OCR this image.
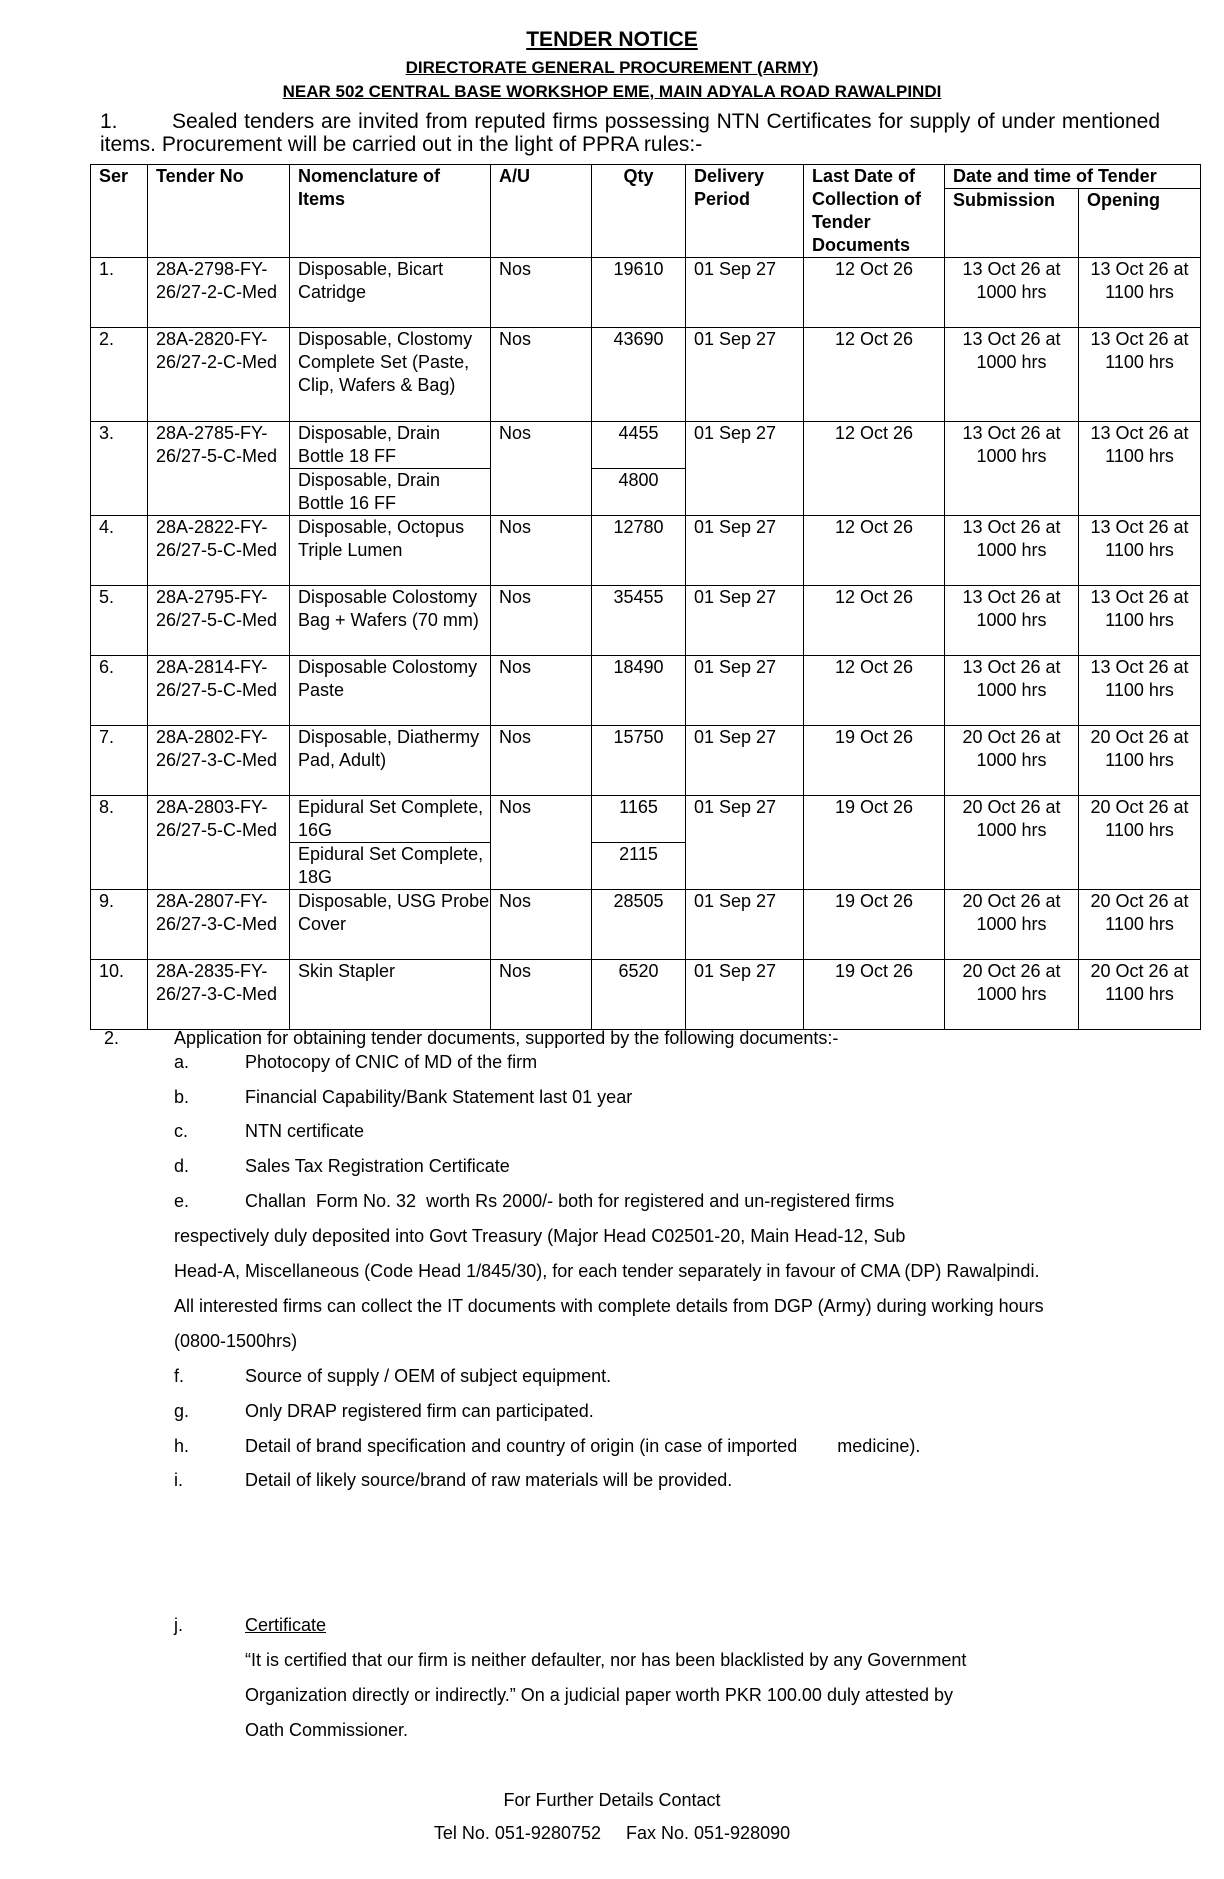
TENDER NOTICE
DIRECTORATE GENERAL PROCUREMENT (ARMY)
NEAR 502 CENTRAL BASE WORKSHOP EME, MAIN ADYALA ROAD RAWALPINDI
1.	Sealed tenders are invited from reputed firms possessing NTN Certificates for supply of under mentioned items. Procurement will be carried out in the light of PPRA rules:-
Ser	Tender No	Nomenclature of Items	A/U	Qty	Delivery Period	Last Date of Collection of Tender Documents	Date and time of Tender	
							Submission	Opening
1.	28A-2798-FY-26/27-2-C-Med	Disposable, Bicart Catridge	Nos	19610	01 Sep 27	12 Oct 26	13 Oct 26 at 1000 hrs	13 Oct 26 at 1100 hrs
2.	28A-2820-FY-26/27-2-C-Med	Disposable, Clostomy Complete Set (Paste, Clip, Wafers & Bag)	Nos	43690	01 Sep 27	12 Oct 26	13 Oct 26 at 1000 hrs	13 Oct 26 at 1100 hrs
3.	28A-2785-FY-26/27-5-C-Med	Disposable, Drain Bottle 18 FF	Nos	4455	01 Sep 27	12 Oct 26	13 Oct 26 at 1000 hrs	13 Oct 26 at 1100 hrs
		Disposable, Drain Bottle 16 FF		4800				
4.	28A-2822-FY-26/27-5-C-Med	Disposable, Octopus Triple Lumen	Nos	12780	01 Sep 27	12 Oct 26	13 Oct 26 at 1000 hrs	13 Oct 26 at 1100 hrs
5.	28A-2795-FY-26/27-5-C-Med	Disposable Colostomy Bag + Wafers (70 mm)	Nos	35455	01 Sep 27	12 Oct 26	13 Oct 26 at 1000 hrs	13 Oct 26 at 1100 hrs
6.	28A-2814-FY-26/27-5-C-Med	Disposable Colostomy Paste	Nos	18490	01 Sep 27	12 Oct 26	13 Oct 26 at 1000 hrs	13 Oct 26 at 1100 hrs
7.	28A-2802-FY-26/27-3-C-Med	Disposable, Diathermy Pad, Adult)	Nos	15750	01 Sep 27	19 Oct 26	20 Oct 26 at 1000 hrs	20 Oct 26 at 1100 hrs
8.	28A-2803-FY-26/27-5-C-Med	Epidural Set Complete, 16G	Nos	1165	01 Sep 27	19 Oct 26	20 Oct 26 at 1000 hrs	20 Oct 26 at 1100 hrs
		Epidural Set Complete, 18G		2115				
9.	28A-2807-FY-26/27-3-C-Med	Disposable, USG Probe Cover	Nos	28505	01 Sep 27	19 Oct 26	20 Oct 26 at 1000 hrs	20 Oct 26 at 1100 hrs
10.	28A-2835-FY-26/27-3-C-Med	Skin Stapler	Nos	6520	01 Sep 27	19 Oct 26	20 Oct 26 at 1000 hrs	20 Oct 26 at 1100 hrs
2.	Application for obtaining tender documents, supported by the following documents:-
a.	Photocopy of CNIC of MD of the firm
b.	Financial Capability/Bank Statement last 01 year
c.	NTN certificate
d.	Sales Tax Registration Certificate
e.	Challan  Form No. 32  worth Rs 2000/- both for registered and un-registered firms
respectively duly deposited into Govt Treasury (Major Head C02501-20, Main Head-12, Sub
Head-A, Miscellaneous (Code Head 1/845/30), for each tender separately in favour of CMA (DP) Rawalpindi.
All interested firms can collect the IT documents with complete details from DGP (Army) during working hours
(0800-1500hrs)
f.	Source of supply / OEM of subject equipment.
g.	Only DRAP registered firm can participated.
h.	Detail of brand specification and country of origin (in case of imported        medicine).
i.	Detail of likely source/brand of raw materials will be provided.
j.	Certificate
“It is certified that our firm is neither defaulter, nor has been blacklisted by any Government
Organization directly or indirectly.” On a judicial paper worth PKR 100.00 duly attested by
Oath Commissioner.
For Further Details Contact
Tel No. 051-9280752     Fax No. 051-928090
